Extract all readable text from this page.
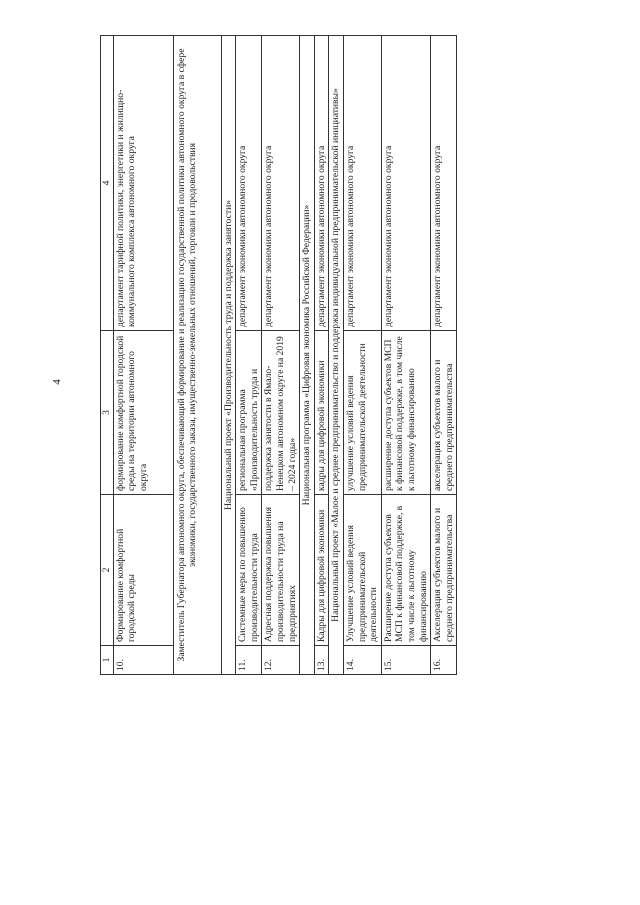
4
1	2	3	4
10.	Формирование комфортной городской среды	формирование комфортной городской среды на территории автономного округа	департамент тарифной политики, энергетики и жилищно-коммунального комплекса автономного округа
Заместитель Губернатора автономного округа, обеспечивающий формирование и реализацию государственной политики автономного округа в сфере экономики, государственного заказа, имущественно-земельных отношений, торговли и продовольствия			
Национальный проект «Производительность труда и поддержка занятости»			
11.	Системные меры по повышению производительности труда	региональная программа «Производительность труда и	департамент экономики автономного округа
12.	Адресная поддержка повышения производительности труда на предприятиях	поддержка занятости в Ямало-Ненецком автономном округе на 2019 – 2024 годы»	департамент экономики автономного округа
Национальная программа «Цифровая экономика Российской Федерации»			
13.	Кадры для цифровой экономики	кадры для цифровой экономики	департамент экономики автономного округа
Национальный проект «Малое и среднее предпринимательство и поддержка индивидуальной предпринимательской инициативы»			
14.	Улучшение условий ведения предпринимательской деятельности	улучшение условий ведения предпринимательской деятельности	департамент экономики автономного округа
15.	Расширение доступа субъектов МСП к финансовой поддержке, в том числе к льготному финансированию	расширение доступа субъектов МСП к финансовой поддержке, в том числе к льготному финансированию	департамент экономики автономного округа
16.	Акселерация субъектов малого и среднего предпринимательства	акселерация субъектов малого и среднего предпринимательства	департамент экономики автономного округа
